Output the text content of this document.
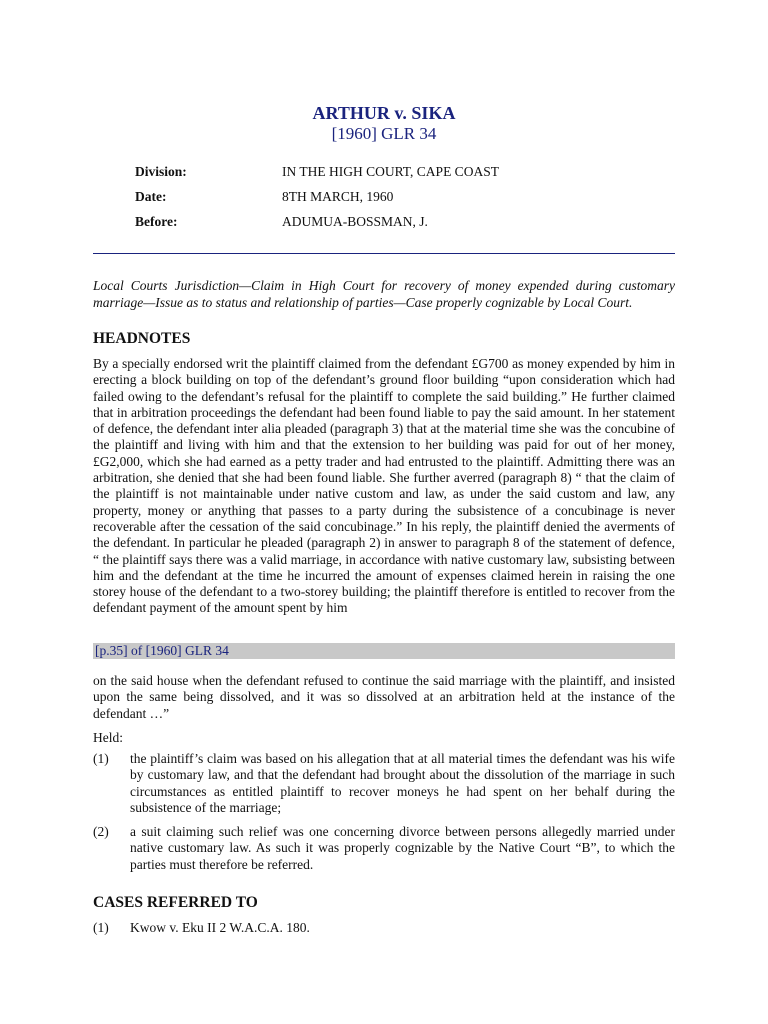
ARTHUR v. SIKA
[1960] GLR 34
Division:	IN THE HIGH COURT, CAPE COAST
Date:	8TH MARCH, 1960
Before:	ADUMUA-BOSSMAN, J.
Local Courts Jurisdiction—Claim in High Court for recovery of money expended during customary marriage—Issue as to status and relationship of parties—Case properly cognizable by Local Court.
HEADNOTES

By a specially endorsed writ the plaintiff claimed from the defendant £G700 as money expended by him in erecting a block building on top of the defendant’s ground floor building “upon consideration which had failed owing to the defendant’s refusal for the plaintiff to complete the said building.” He further claimed that in arbitration proceedings the defendant had been found liable to pay the said amount. In her statement of defence, the defendant inter alia pleaded (paragraph 3) that at the material time she was the concubine of the plaintiff and living with him and that the extension to her building was paid for out of her money, £G2,000, which she had earned as a petty trader and had entrusted to the plaintiff. Admitting there was an arbitration, she denied that she had been found liable. She further averred (paragraph 8) “ that the claim of the plaintiff is not maintainable under native custom and law, as under the said custom and law, any property, money or anything that passes to a party during the subsistence of a concubinage is never recoverable after the cessation of the said concubinage.” In his reply, the plaintiff denied the averments of the defendant. In particular he pleaded (paragraph 2) in answer to paragraph 8 of the statement of defence, “ the plaintiff says there was a valid marriage, in accordance with native customary law, subsisting between him and the defendant at the time he incurred the amount of expenses claimed herein in raising the one storey house of the defendant to a two-storey building; the plaintiff therefore is entitled to recover from the defendant payment of the amount spent by him

[p.35] of [1960] GLR 34

on the said house when the defendant refused to continue the said marriage with the plaintiff, and insisted upon the same being dissolved, and it was so dissolved at an arbitration held at the instance of the defendant …”

Held:

(1)	the plaintiff’s claim was based on his allegation that at all material times the defendant was his wife by customary law, and that the defendant had brought about the dissolution of the marriage in such circumstances as entitled plaintiff to recover moneys he had spent on her behalf during the subsistence of the marriage;
(2)	a suit claiming such relief was one concerning divorce between persons allegedly married under native customary law. As such it was properly cognizable by the Native Court “B”, to which the parties must therefore be referred.
CASES REFERRED TO
(1)	Kwow v. Eku II 2 W.A.C.A. 180.
